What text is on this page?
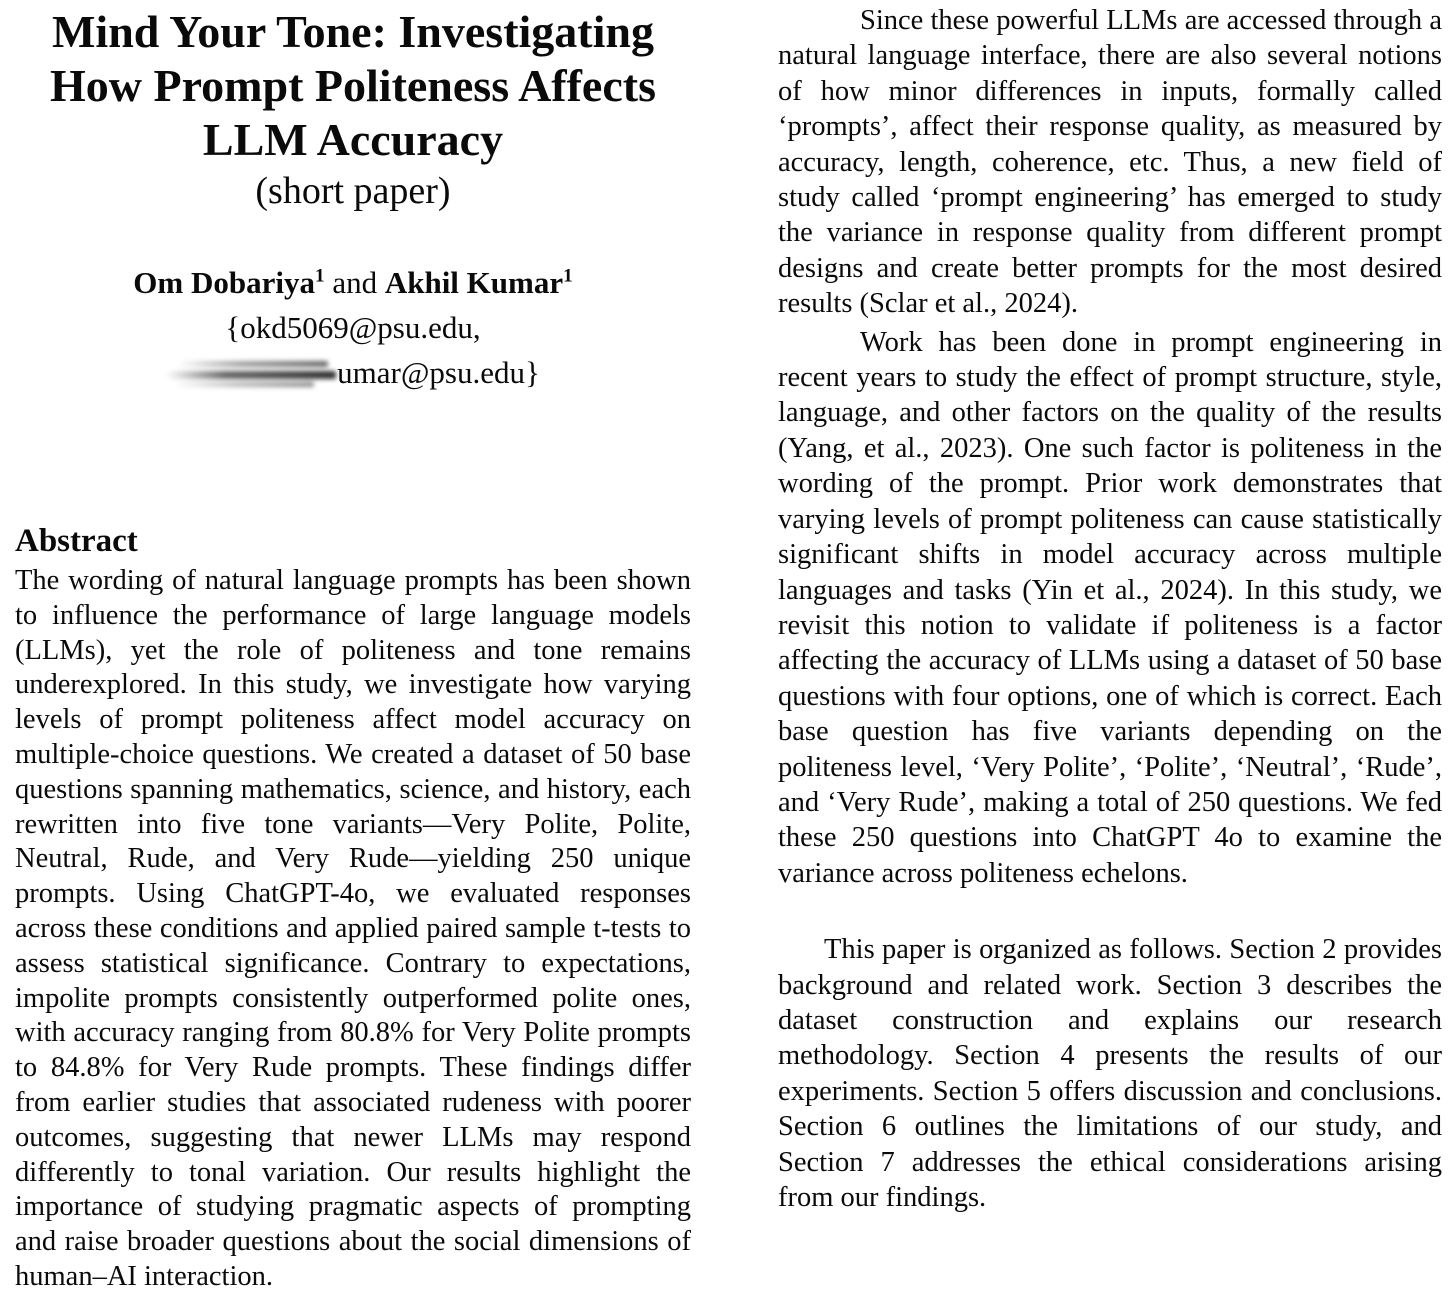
Mind Your Tone: Investigating
How Prompt Politeness Affects
LLM Accuracy
(short paper)
Om Dobariya$^1$ and Akhil Kumar$^1$
{okd5069@psu.edu,
umar@psu.edu}
Abstract
The wording of natural language prompts has been shown to influence the performance of large language models (LLMs), yet the role of politeness and tone remains underexplored. In this study, we investigate how varying levels of prompt politeness affect model accuracy on multiple-choice questions. We created a dataset of 50 base questions spanning mathematics, science, and history, each rewritten into five tone variants—Very Polite, Polite, Neutral, Rude, and Very Rude—yielding 250 unique prompts. Using ChatGPT-4o, we evaluated responses across these conditions and applied paired sample t-tests to assess statistical significance. Contrary to expectations, impolite prompts consistently outperformed polite ones, with accuracy ranging from 80.8% for Very Polite prompts to 84.8% for Very Rude prompts. These findings differ from earlier studies that associated rudeness with poorer outcomes, suggesting that newer LLMs may respond differently to tonal variation. Our results highlight the importance of studying pragmatic aspects of prompting and raise broader questions about the social dimensions of human–AI interaction.

Since these powerful LLMs are accessed through a natural language interface, there are also several notions of how minor differences in inputs, formally called ‘prompts’, affect their response quality, as measured by accuracy, length, coherence, etc. Thus, a new field of study called ‘prompt engineering’ has emerged to study the variance in response quality from different prompt designs and create better prompts for the most desired results (Sclar et al., 2024).

Work has been done in prompt engineering in recent years to study the effect of prompt structure, style, language, and other factors on the quality of the results (Yang, et al., 2023). One such factor is politeness in the wording of the prompt. Prior work demonstrates that varying levels of prompt politeness can cause statistically significant shifts in model accuracy across multiple languages and tasks (Yin et al., 2024). In this study, we revisit this notion to validate if politeness is a factor affecting the accuracy of LLMs using a dataset of 50 base questions with four options, one of which is correct. Each base question has five variants depending on the politeness level, ‘Very Polite’, ‘Polite’, ‘Neutral’, ‘Rude’, and ‘Very Rude’, making a total of 250 questions. We fed these 250 questions into ChatGPT 4o to examine the variance across politeness echelons.

This paper is organized as follows. Section 2 provides background and related work. Section 3 describes the dataset construction and explains our research methodology. Section 4 presents the results of our experiments. Section 5 offers discussion and conclusions. Section 6 outlines the limitations of our study, and Section 7 addresses the ethical considerations arising from our findings.
